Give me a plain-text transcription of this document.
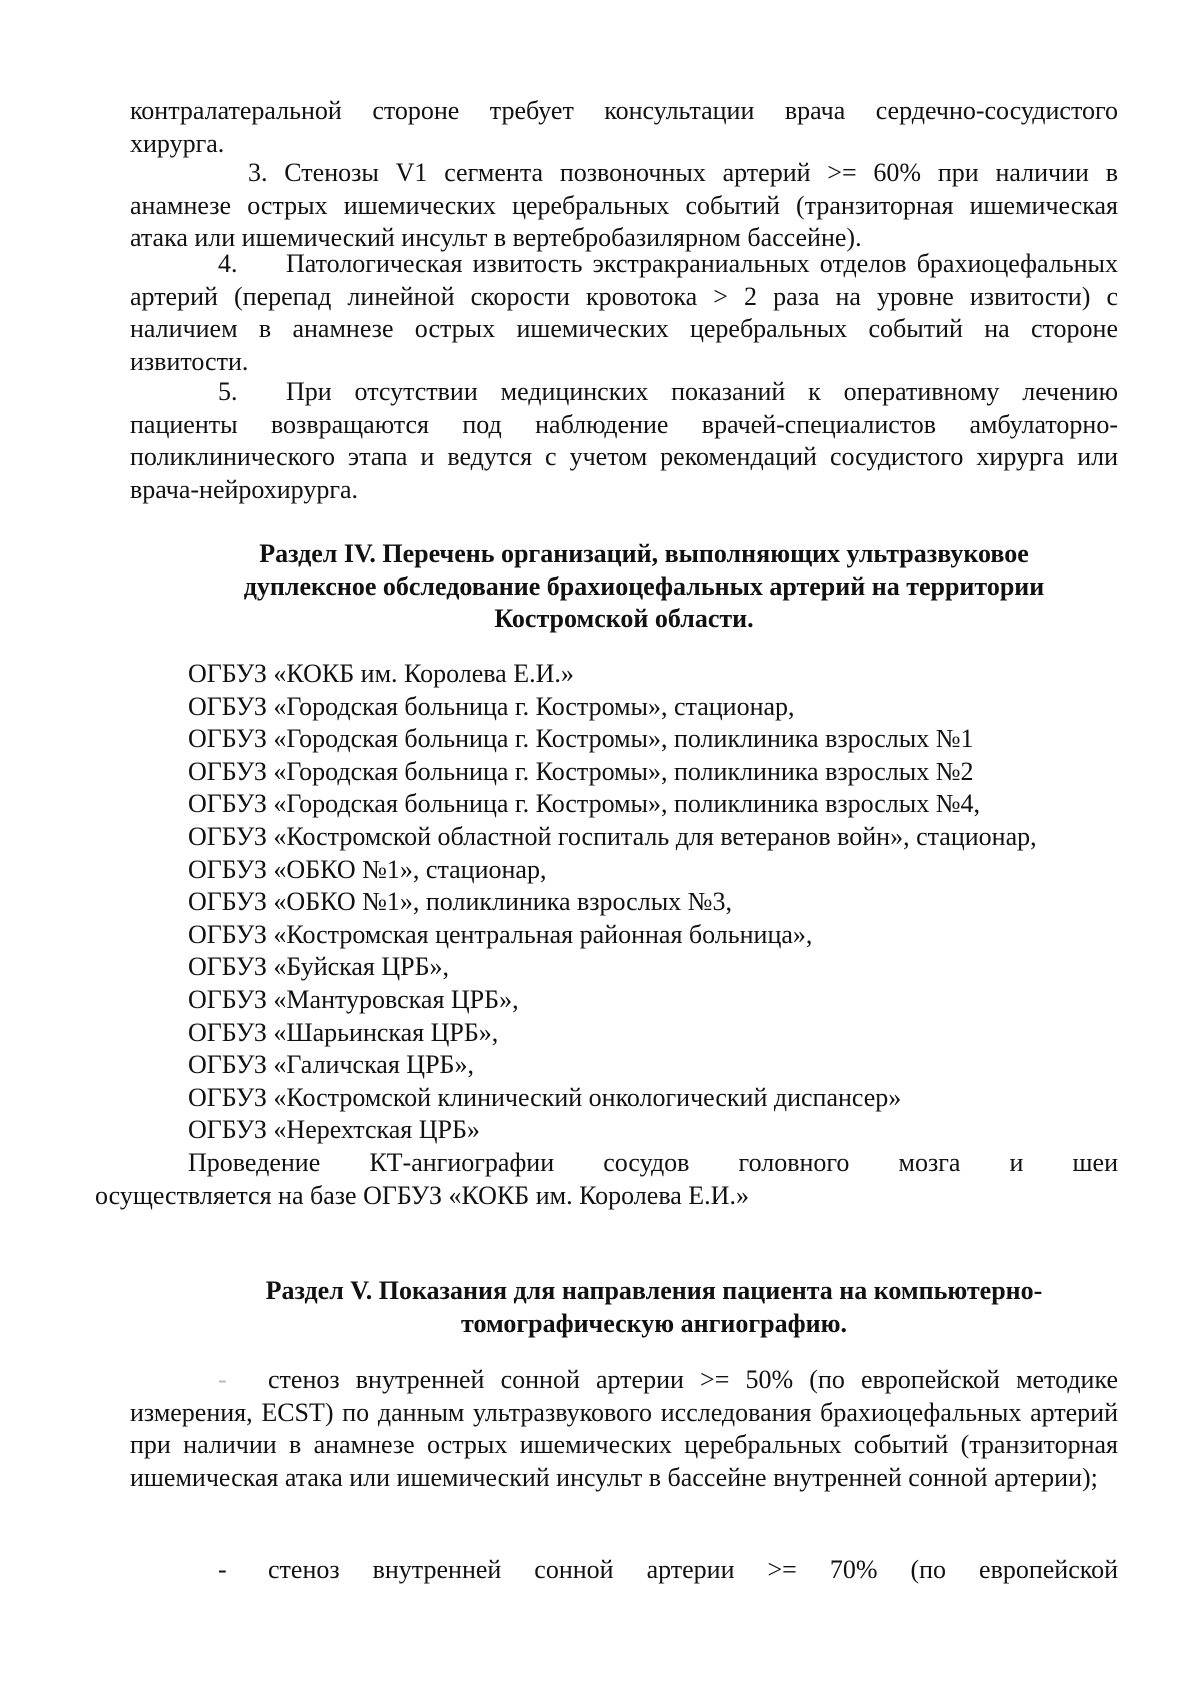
контралатеральной стороне требует консультации врача сердечно-сосудистого
хирурга.
3. Стенозы V1 сегмента позвоночных артерий >= 60% при наличии в анамнезе острых ишемических церебральных событий (транзиторная ишемическая атака или ишемический инсульт в вертебробазилярном бассейне).
4. Патологическая извитость экстракраниальных отделов брахиоцефальных артерий (перепад линейной скорости кровотока > 2 раза на уровне извитости) с наличием в анамнезе острых ишемических церебральных событий на стороне извитости.
5. При отсутствии медицинских показаний к оперативному лечению пациенты возвращаются под наблюдение врачей-специалистов амбулаторно-поликлинического этапа и ведутся с учетом рекомендаций сосудистого хирурга или врача-нейрохирурга.
Раздел IV. Перечень организаций, выполняющих ультразвуковое
дуплексное обследование брахиоцефальных артерий на территории
Костромской области.
ОГБУЗ «КОКБ им. Королева Е.И.»
ОГБУЗ «Городская больница г. Костромы», стационар,
ОГБУЗ «Городская больница г. Костромы», поликлиника взрослых №1
ОГБУЗ «Городская больница г. Костромы», поликлиника взрослых №2
ОГБУЗ «Городская больница г. Костромы», поликлиника взрослых №4,
ОГБУЗ «Костромской областной госпиталь для ветеранов войн», стационар,
ОГБУЗ «ОБКО №1», стационар,
ОГБУЗ «ОБКО №1», поликлиника взрослых №3,
ОГБУЗ «Костромская центральная районная больница»,
ОГБУЗ «Буйская ЦРБ»,
ОГБУЗ «Мантуровская ЦРБ»,
ОГБУЗ «Шарьинская ЦРБ»,
ОГБУЗ «Галичская ЦРБ»,
ОГБУЗ «Костромской клинический онкологический диспансер»
ОГБУЗ «Нерехтская ЦРБ»
Проведение КТ-ангиографии сосудов головного мозга и шеи
осуществляется на базе ОГБУЗ «КОКБ им. Королева Е.И.»
Раздел V. Показания для направления пациента на компьютерно-
томографическую ангиографию.
- стеноз внутренней сонной артерии >= 50% (по европейской методике измерения, ECST) по данным ультразвукового исследования брахиоцефальных артерий при наличии в анамнезе острых ишемических церебральных событий (транзиторная ишемическая атака или ишемический инсульт в бассейне внутренней сонной артерии);
- стеноз внутренней сонной артерии >= 70% (по европейской
